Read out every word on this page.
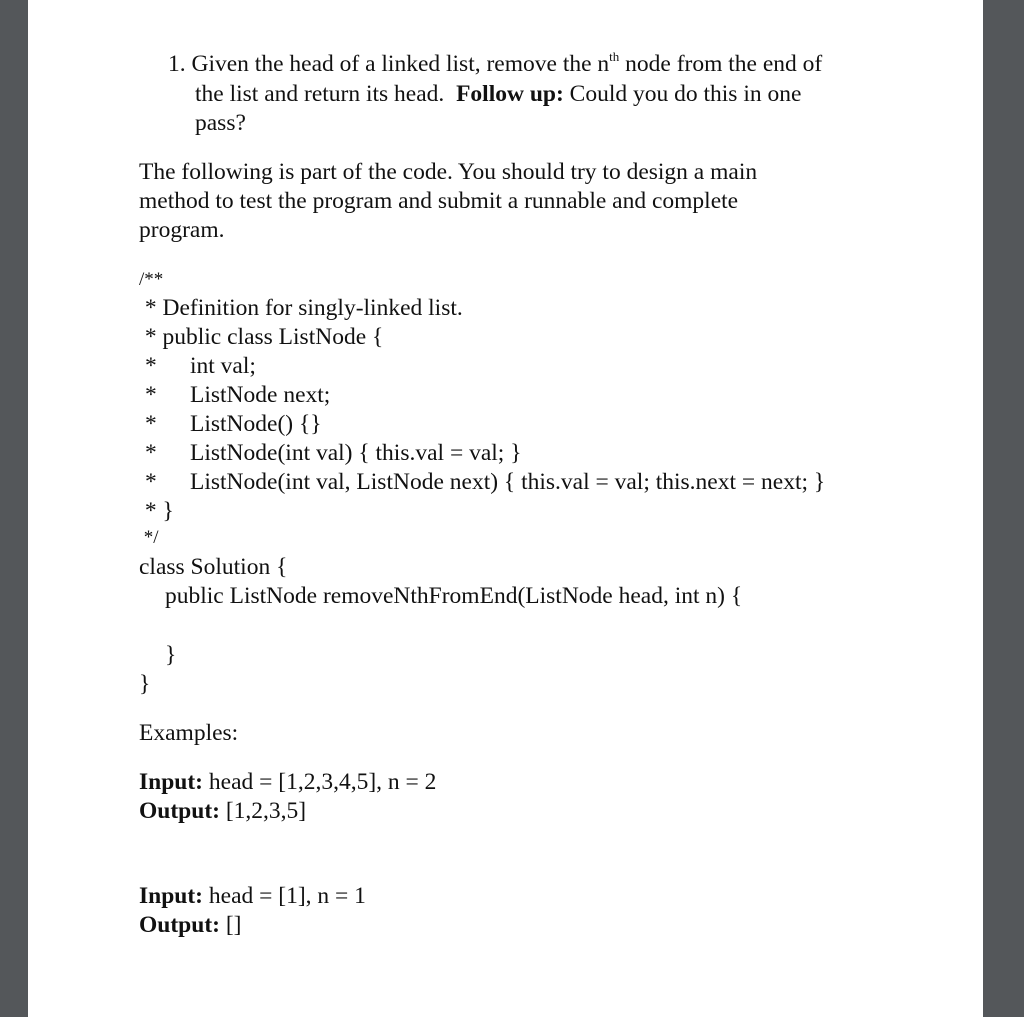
1. Given the head of a linked list, remove the $n^{th}$ node from the end of
the list and return its head.  Follow up: Could you do this in one
pass?
The following is part of the code. You should try to design a main
method to test the program and submit a runnable and complete
program.
/**
* Definition for singly-linked list.
* public class ListNode {
* int val;
* ListNode next;
* ListNode() {}
* ListNode(int val) { this.val = val; }
* ListNode(int val, ListNode next) { this.val = val; this.next = next; }
* }
*/
class Solution {
public ListNode removeNthFromEnd(ListNode head, int n) {
}
}
Examples:
Input: head = [1,2,3,4,5], n = 2
Output: [1,2,3,5]
Input: head = [1], n = 1
Output: []
